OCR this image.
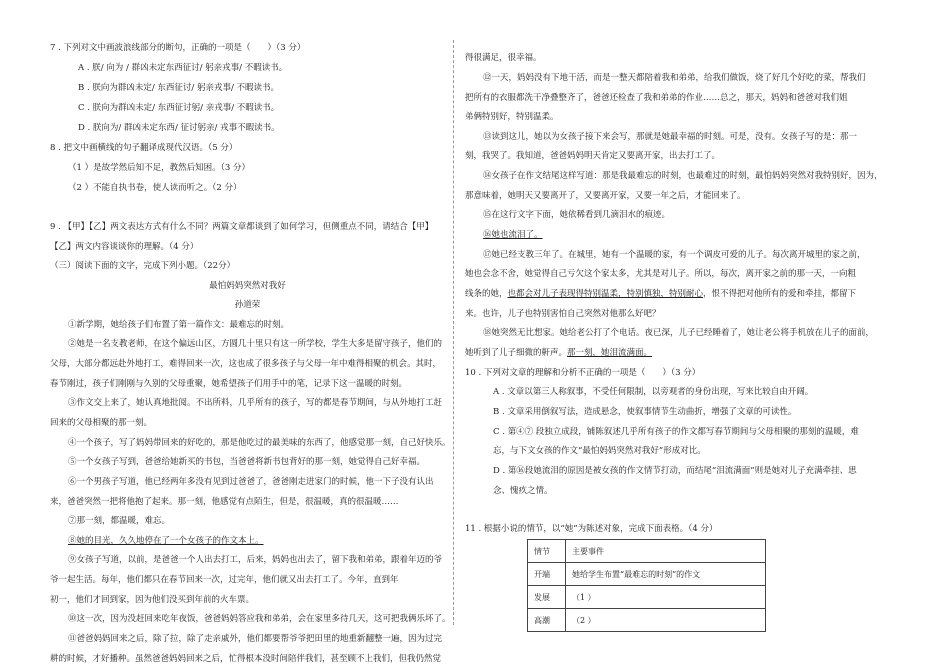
7 . 下列对文中画波浪线部分的断句，正确的一项是（　　）（3 分）
A . 朕/ 向为 / 群凶未定东西征讨/ 躬亲戎事/ 不暇读书。
B . 朕向为群凶未定/ 东西征讨/ 躬亲戎事/ 不暇读书。
C . 朕向为群凶未定/ 东西征讨躬/ 亲戎事/ 不暇读书。
D . 朕向为/ 群凶未定东西/ 征讨躬亲/ 戎事不暇读书。
8 . 把文中画横线的句子翻译成现代汉语。（5 分）
（1 ）是故学然后知不足，教然后知困。（3 分）
（2 ）不能自执书卷，使人读而听之。（2 分）
9 . 【甲】【乙】两文表达方式有什么不同？两篇文章都谈到了如何学习，但侧重点不同，请结合【甲】
【乙】两文内容谈谈你的理解。（4 分）
（三）阅读下面的文字，完成下列小题。（22分）
最怕妈妈突然对我好
孙道荣
①新学期，她给孩子们布置了第一篇作文：最难忘的时刻。
②她是一名支教老师，在这个偏远山区，方圆几十里只有这一所学校，学生大多是留守孩子，他们的
父母，大部分都远赴外地打工，难得回来一次，这也成了很多孩子与父母一年中难得相聚的机会。其时，
春节刚过，孩子们刚刚与久别的父母重聚，她希望孩子们用手中的笔，记录下这一温暖的时刻。
③作文交上来了，她认真地批阅。不出所料，几乎所有的孩子，写的都是春节期间，与从外地打工赶
回来的父母相聚的那一刻。
④一个孩子，写了妈妈带回来的好吃的，那是他吃过的最美味的东西了，他感觉那一刻，自己好快乐。
⑤一个女孩子写到，爸爸给她新买的书包，当爸爸将新书包背好的那一刻，她觉得自己好幸福。
⑥一个男孩子写道，他已经两年多没有见到过爸爸了，爸爸刚走进家门的时候，他一下子没有认出
来，爸爸突然一把将他抱了起来。那一刻，他感觉有点陌生，但是，很温暖，真的很温暖……
⑦那一刻，都温暖，难忘。
⑧她的目光，久久地停在了一个女孩子的作文本上。
⑨女孩子写道，以前，是爸爸一个人出去打工，后来，妈妈也出去了，留下我和弟弟，跟着年迈的爷
爷一起生活。每年，他们都只在春节回来一次，过完年，他们就又出去打工了。今年，直到年
初一，他们才回到家，因为他们没买到年前的火车票。
⑩这一次，因为没赶回来吃年夜饭，爸爸妈妈答应我和弟弟，会在家里多待几天，这可把我俩乐坏了。
⑪爸爸妈妈回来之后，除了拉，除了走亲戚外，他们都要帮爷爷把田里的地重新翻整一遍，因为过完
耕的时候，才好播种。虽然爸爸妈妈回来之后，忙得根本没时间陪伴我们，甚至顾不上我们，但我仍然觉
得很满足，很幸福。
⑫一天，妈妈没有下地干活，而是一整天都陪着我和弟弟，给我们做饭，烧了好几个好吃的菜，帮我们
把所有的衣服都洗干净叠整齐了，爸爸还检查了我和弟弟的作业……总之，那天，妈妈和爸爸对我们姐
弟俩特别好，特别温柔。
⑬读到这儿，她以为女孩子接下来会写，那就是她最幸福的时刻。可是，没有。女孩子写的是：那一
刻，我哭了。我知道，爸爸妈妈明天肯定又要离开家，出去打工了。
⑭女孩子在作文结尾这样写道：那是我最难忘的时刻，也最难过的时刻，最怕妈妈突然对我特别好，因为，
那意味着，她明天又要离开了，又要离开家，又要一年之后，才能回来了。
⑮在这行文字下面，她依稀看到几滴泪水的痕迹。
⑯她也流泪了。
⑰她已经支教三年了。在城里，她有一个温暖的家，有一个调皮可爱的儿子。每次离开城里的家之前，
她也会念不舍，她觉得自己亏欠这个家太多，尤其是对儿子。所以，每次，离开家之前的那一天，一向粗
线条的她，也都会对儿子表现得特别温柔，特别慎独，特别耐心，恨不得把对他所有的爱和牵挂，都留下
来。也许，儿子也特别害怕自己突然对他那么好吧？
⑱她突然无比想家。她给老公打了个电话。夜已深，儿子已经睡着了，她让老公将手机放在儿子的面前，
她听到了儿子细微的鼾声。那一刻，她泪流满面。
10 . 下列对文章的理解和分析不正确的一项是（　　）（3 分）
A . 文章以第三人称叙事，不受任何限制，以旁观者的身份出现，写来比较自由开阔。
B . 文章采用倒叙写法，造成悬念，使叙事情节生动曲折，增强了文章的可读性。
C . 第④⑦ 段独立成段，铺陈叙述几乎所有孩子的作文都写春节期间与父母相聚的那刻的温暖，难
忘，与下文女孩的作文“最怕妈妈突然对我好”形成对比。
D . 第⑯段她流泪的原因是被女孩的作文情节打动，而结尾“泪流满面”则是她对儿子充满牵挂、思
念、愧疚之情。
11 . 根据小说的情节，以“她”为陈述对象，完成下面表格。（4 分）
情节	主要事件
开端	她给学生布置“最难忘的时刻”的作文
发展	（1 ）
高潮	（2 ）
